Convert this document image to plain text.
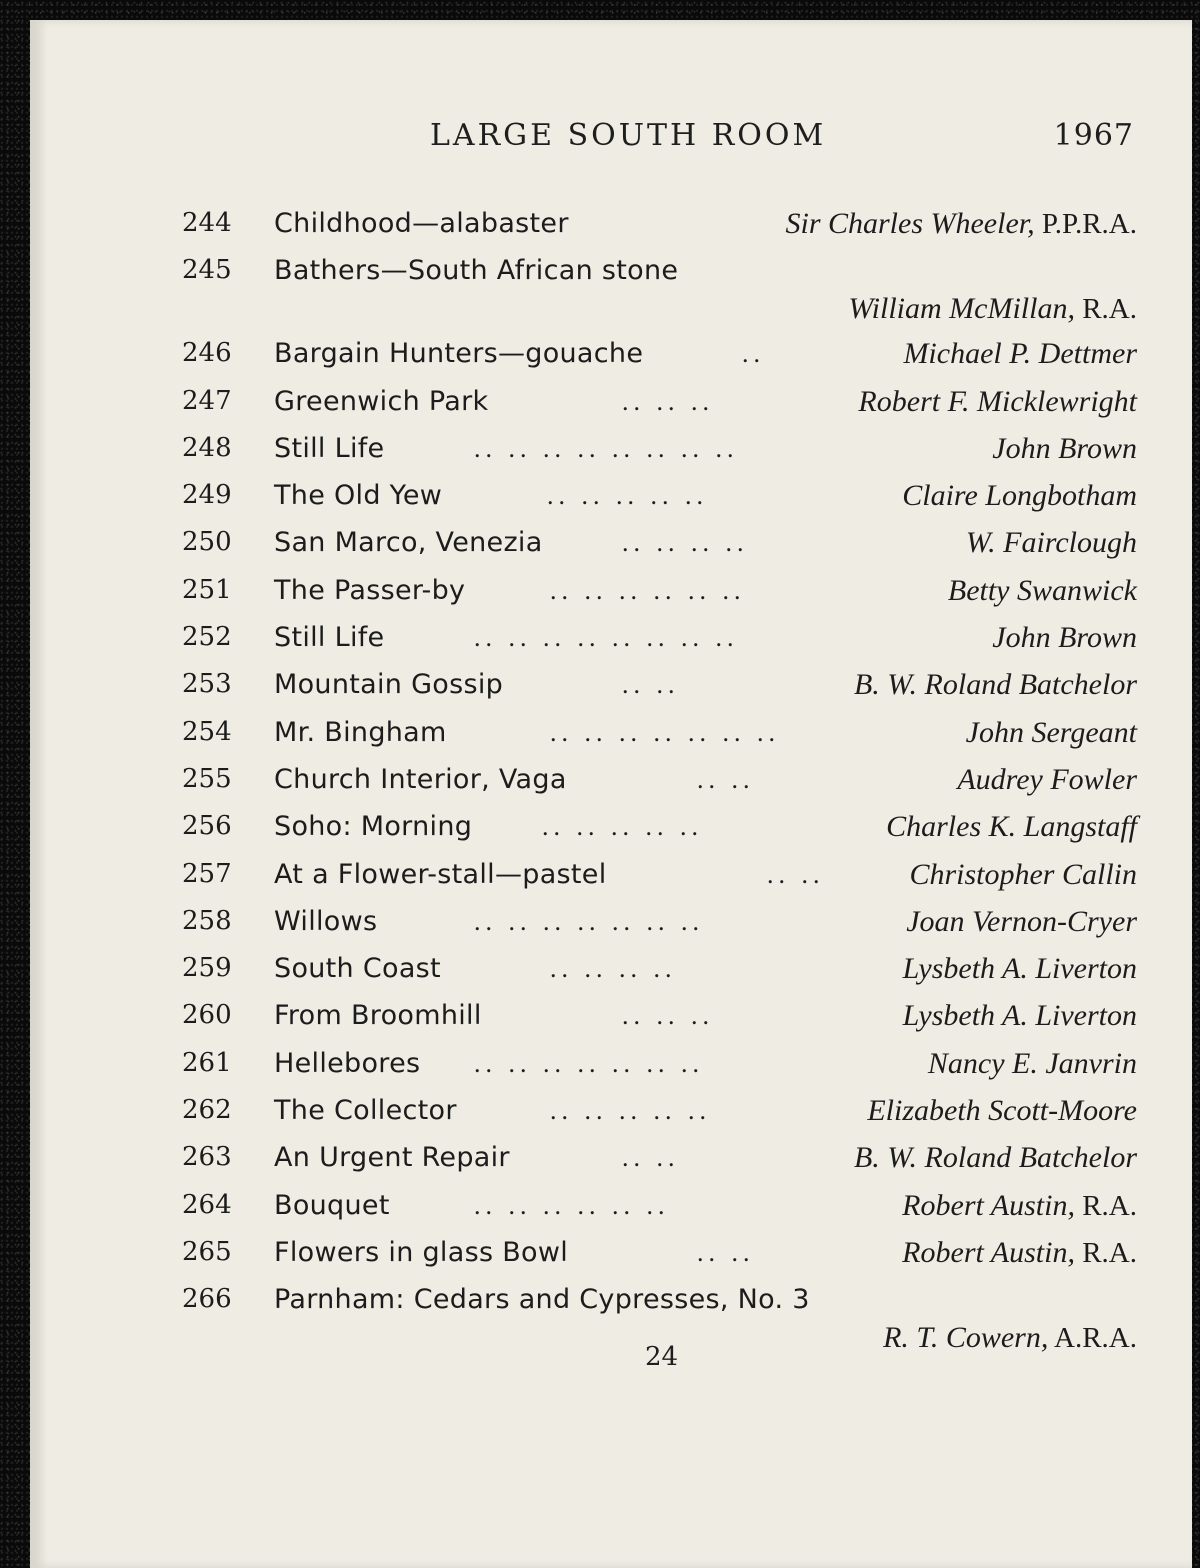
LARGE SOUTH ROOM	1967
244	Childhood—alabaster	Sir Charles Wheeler, P.P.R.A.
245	Bathers—South African stone
William McMillan, R.A.
246	Bargain Hunters—gouache	..	Michael P. Dettmer
247	Greenwich Park	.. .. ..	Robert F. Micklewright
248	Still Life	.. .. .. .. .. .. .. ..	John Brown
249	The Old Yew	.. .. .. .. ..	Claire Longbotham
250	San Marco, Venezia	.. .. .. ..	W. Fairclough
251	The Passer-by	.. .. .. .. .. ..	Betty Swanwick
252	Still Life	.. .. .. .. .. .. .. ..	John Brown
253	Mountain Gossip	.. ..	B. W. Roland Batchelor
254	Mr. Bingham	.. .. .. .. .. .. ..	John Sergeant
255	Church Interior, Vaga	.. ..	Audrey Fowler
256	Soho: Morning	.. .. .. .. ..	Charles K. Langstaff
257	At a Flower-stall—pastel	.. ..	Christopher Callin
258	Willows	.. .. .. .. .. .. ..	Joan Vernon-Cryer
259	South Coast	.. .. .. ..	Lysbeth A. Liverton
260	From Broomhill	.. .. ..	Lysbeth A. Liverton
261	Hellebores .. .. .. .. .. .. ..	Nancy E. Janvrin
262	The Collector	.. .. .. .. ..	Elizabeth Scott-Moore
263	An Urgent Repair	.. ..	B. W. Roland Batchelor
264	Bouquet	.. .. .. .. .. ..	Robert Austin, R.A.
265	Flowers in glass Bowl	.. ..	Robert Austin, R.A.
266	Parnham: Cedars and Cypresses, No. 3
R. T. Cowern, A.R.A.
24
